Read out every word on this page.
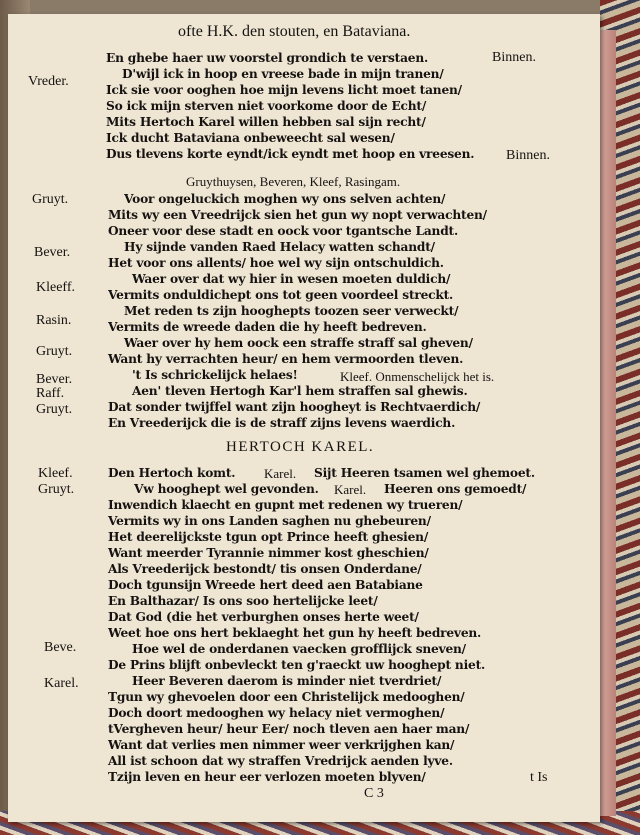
ofte H.K. den stouten, en Bataviana.
Vreder.
Binnen.
Binnen.
En ghebe haer uw voorstel grondich te verstaen.
D'wijl ick in hoop en vreese bade in mijn tranen/
Ick sie voor ooghen hoe mijn levens licht moet tanen/
So ick mijn sterven niet voorkome door de Echt/
Mits Hertoch Karel willen hebben sal sijn recht/
Ick ducht Bataviana onbeweecht sal wesen/
Dus tlevens korte eyndt/ick eyndt met hoop en vreesen.
Gruythuysen, Beveren, Kleef, Rasingam.
Gruyt.
Bever.
Kleeff.
Rasin.
Gruyt.
Bever.
Raff.
Gruyt.
Voor ongeluckich moghen wy ons selven achten/
Mits wy een Vreedrijck sien het gun wy nopt verwachten/
Oneer voor dese stadt en oock voor tgantsche Landt.
Hy sijnde vanden Raed Helacy watten schandt/
Het voor ons allents/ hoe wel wy sijn ontschuldich.
Waer over dat wy hier in wesen moeten duldich/
Vermits onduldichept ons tot geen voordeel streckt.
Met reden ts zijn hooghepts toozen seer verweckt/
Vermits de wreede daden die hy heeft bedreven.
Waer over hy hem oock een straffe straff sal gheven/
Want hy verrachten heur/ en hem vermoorden tleven.
't Is schrickelijck helaes!	Kleef. Onmenschelijck het is.
Aen' tleven Hertogh Kar'l hem straffen sal ghewis.
Dat sonder twijffel want zijn hoogheyt is Rechtvaerdich/
En Vreederijck die is de straff zijns levens waerdich.
HERTOCH KAREL.
Kleef.
Gruyt.
Beve.
Karel.
Den Hertoch komt. Karel. Sijt Heeren tsamen wel ghemoet.
Vw hooghept wel gevonden. Karel. Heeren ons gemoedt/
Inwendich klaecht en gupnt met redenen wy trueren/
Vermits wy in ons Landen saghen nu ghebeuren/
Het deerelijckste tgun opt Prince heeft ghesien/
Want meerder Tyrannie nimmer kost gheschien/
Als Vreederijck bestondt/ tis onsen Onderdane/
Doch tgunsijn Wreede hert deed aen Batabiane
En Balthazar/ Is ons soo hertelijcke leet/
Dat God (die het verburghen onses herte weet/
Weet hoe ons hert beklaeght het gun hy heeft bedreven.
Hoe wel de onderdanen vaecken grofflijck sneven/
De Prins blijft onbevleckt ten g'raeckt uw hooghept niet.
Heer Beveren daerom is minder niet tverdriet/
Tgun wy ghevoelen door een Christelijck medooghen/
Doch doort medooghen wy helacy niet vermoghen/
tVergheven heur/ heur Eer/ noch tleven aen haer man/
Want dat verlies men nimmer weer verkrijghen kan/
All ist schoon dat wy straffen Vredrijck aenden lyve.
Tzijn leven en heur eer verlozen moeten blyven/
C 3
t Is
